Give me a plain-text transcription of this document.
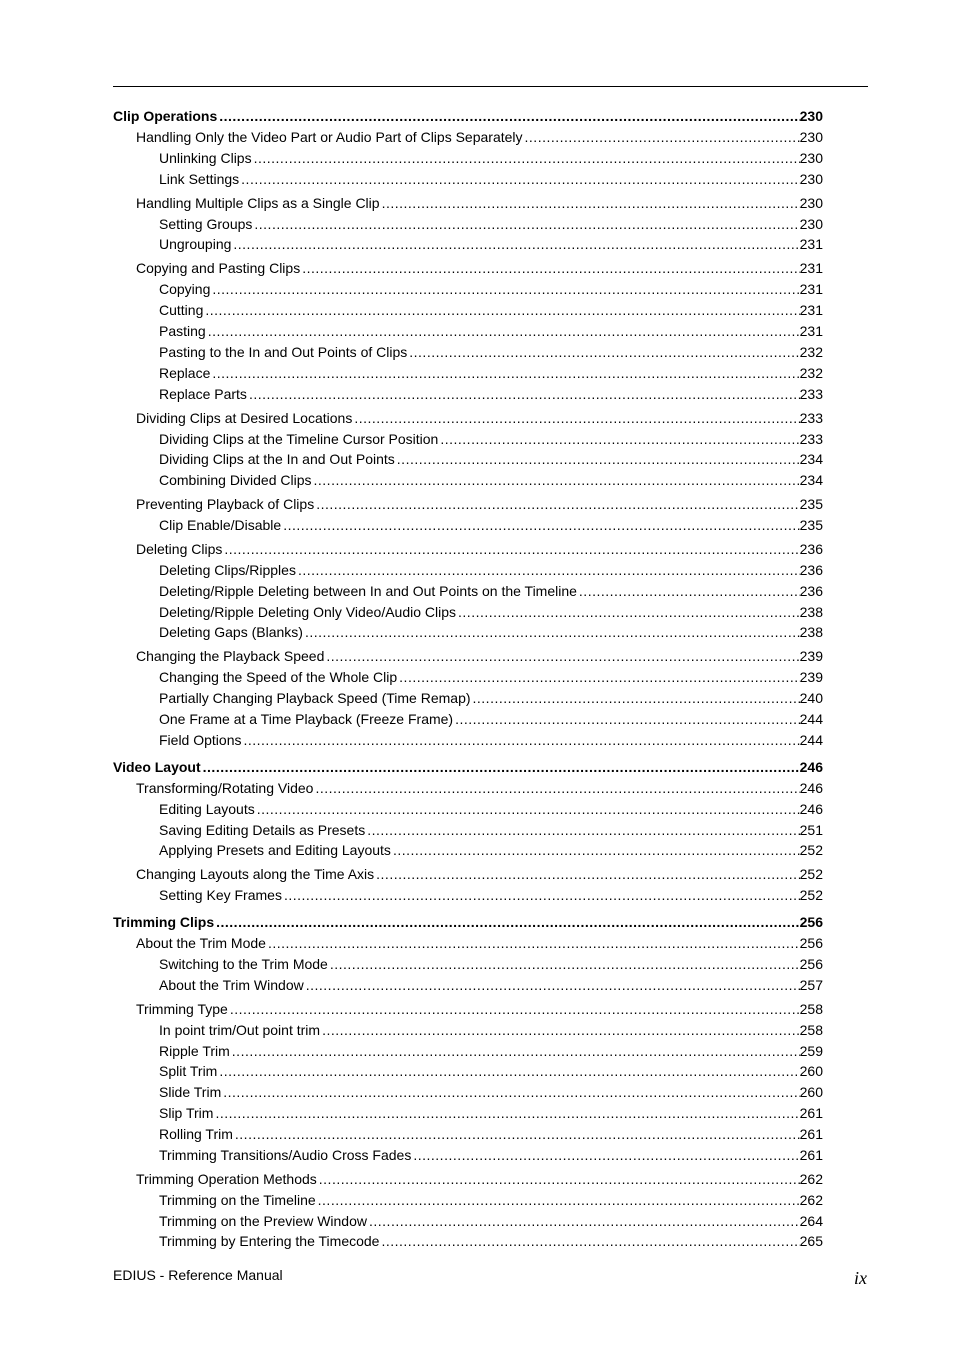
Clip Operations .....	230
Handling Only the Video Part or Audio Part of Clips Separately .....	230
Unlinking Clips .....	230
Link Settings .....	230
Handling Multiple Clips as a Single Clip .....	230
Setting Groups .....	230
Ungrouping .....	231
Copying and Pasting Clips .....	231
Copying .....	231
Cutting .....	231
Pasting .....	231
Pasting to the In and Out Points of Clips .....	232
Replace .....	232
Replace Parts .....	233
Dividing Clips at Desired Locations .....	233
Dividing Clips at the Timeline Cursor Position .....	233
Dividing Clips at the In and Out Points .....	234
Combining Divided Clips .....	234
Preventing Playback of Clips .....	235
Clip Enable/Disable .....	235
Deleting Clips .....	236
Deleting Clips/Ripples .....	236
Deleting/Ripple Deleting between In and Out Points on the Timeline .....	236
Deleting/Ripple Deleting Only Video/Audio Clips .....	238
Deleting Gaps (Blanks) .....	238
Changing the Playback Speed .....	239
Changing the Speed of the Whole Clip .....	239
Partially Changing Playback Speed (Time Remap) .....	240
One Frame at a Time Playback (Freeze Frame) .....	244
Field Options .....	244
Video Layout .....	246
Transforming/Rotating Video .....	246
Editing Layouts .....	246
Saving Editing Details as Presets .....	251
Applying Presets and Editing Layouts .....	252
Changing Layouts along the Time Axis .....	252
Setting Key Frames .....	252
Trimming Clips .....	256
About the Trim Mode .....	256
Switching to the Trim Mode .....	256
About the Trim Window .....	257
Trimming Type .....	258
In point trim/Out point trim .....	258
Ripple Trim .....	259
Split Trim .....	260
Slide Trim .....	260
Slip Trim .....	261
Rolling Trim .....	261
Trimming Transitions/Audio Cross Fades .....	261
Trimming Operation Methods .....	262
Trimming on the Timeline .....	262
Trimming on the Preview Window .....	264
Trimming by Entering the Timecode .....	265
EDIUS - Reference Manual	ix
